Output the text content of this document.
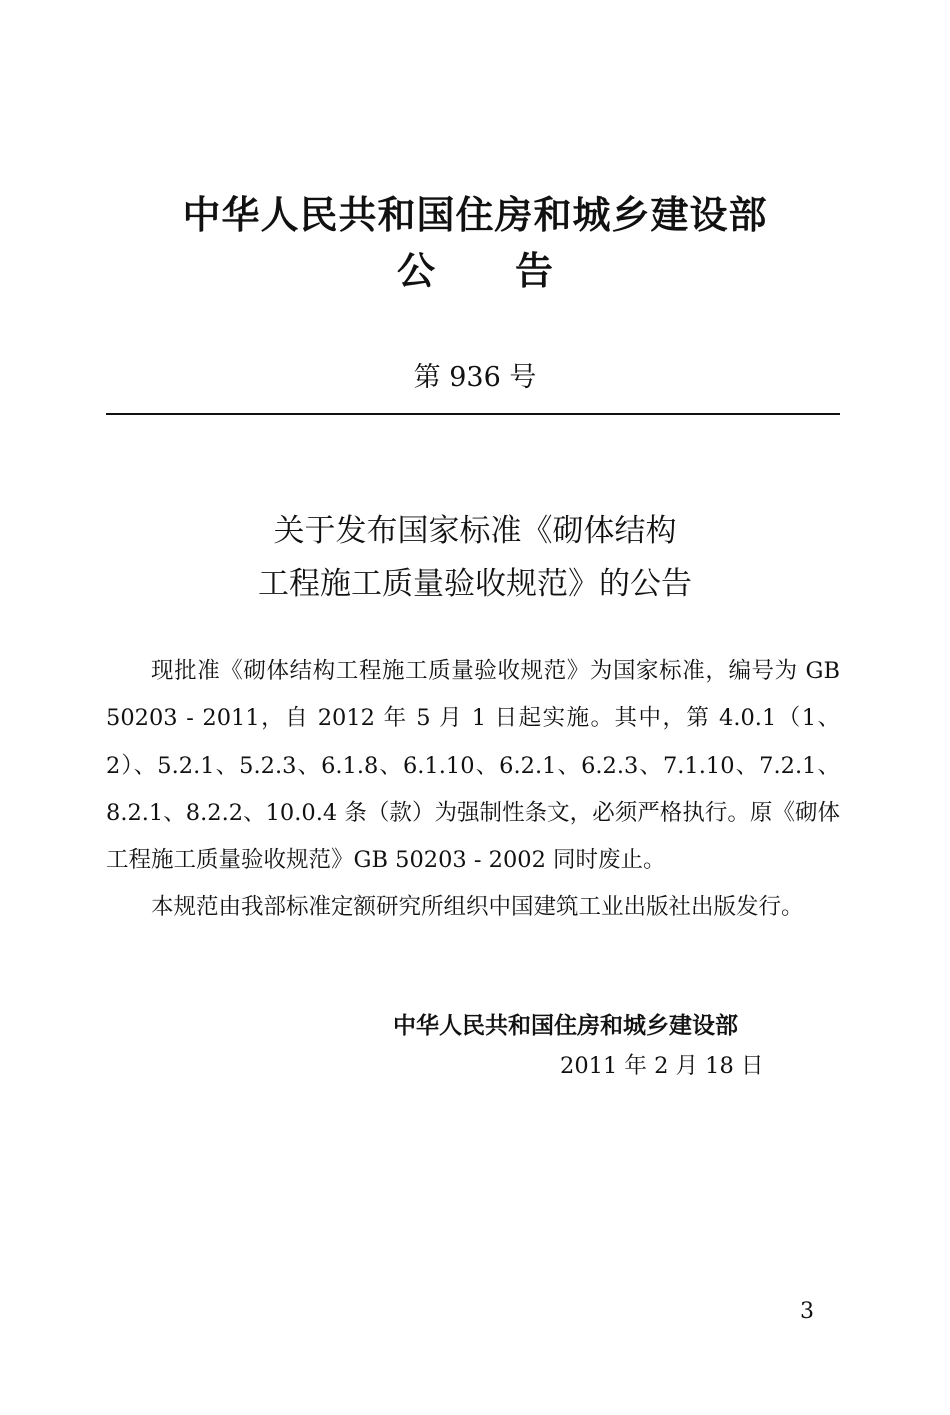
中华人民共和国住房和城乡建设部
公 告
第 936 号
关于发布国家标准《砌体结构
工程施工质量验收规范》的公告

现批准《砌体结构工程施工质量验收规范》为国家标准，编号为 GB 50203 - 2011，自 2012 年 5 月 1 日起实施。其中，第 4.0.1（1、2）、5.2.1、5.2.3、6.1.8、6.1.10、6.2.1、6.2.3、7.1.10、7.2.1、8.2.1、8.2.2、10.0.4 条（款）为强制性条文，必须严格执行。原《砌体工程施工质量验收规范》GB 50203 - 2002 同时废止。

本规范由我部标准定额研究所组织中国建筑工业出版社出版发行。

中华人民共和国住房和城乡建设部
2011 年 2 月 18 日
3
